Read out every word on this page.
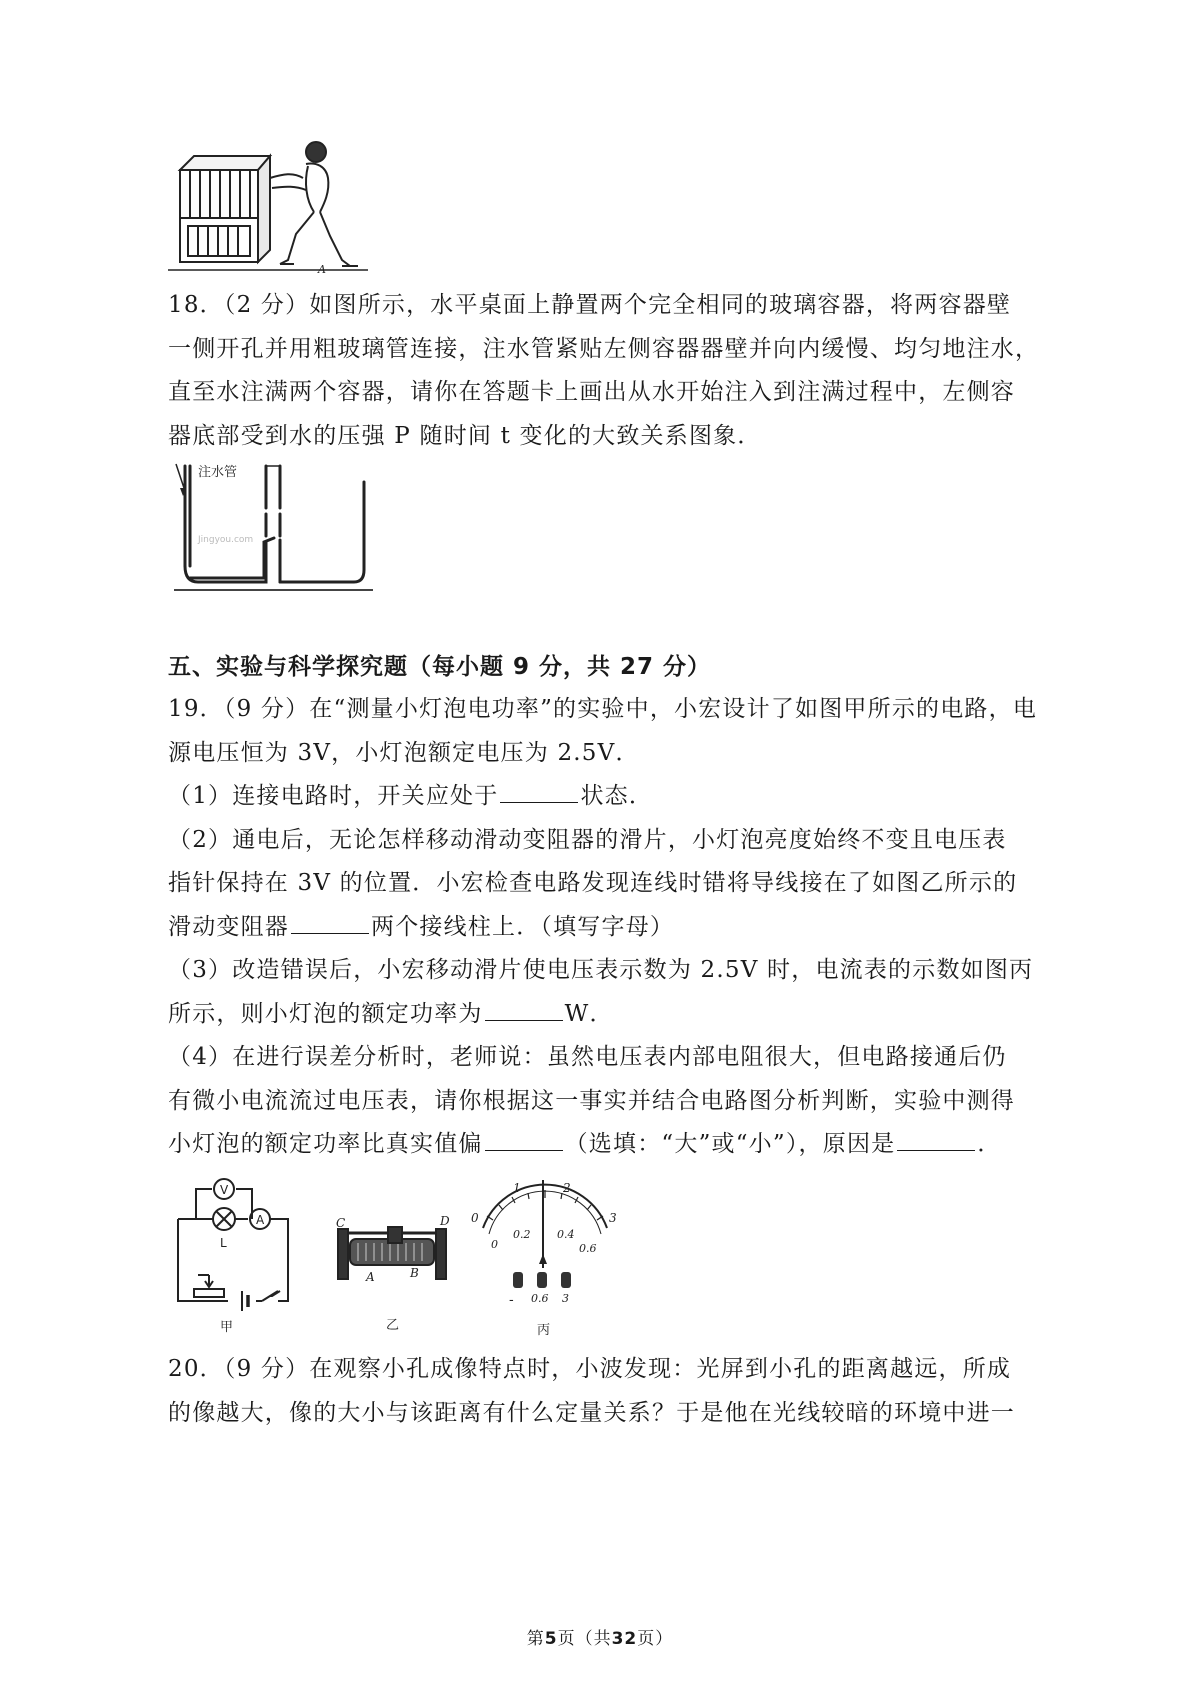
A
18．（2 分）如图所示，水平桌面上静置两个完全相同的玻璃容器，将两容器壁
一侧开孔并用粗玻璃管连接，注水管紧贴左侧容器器壁并向内缓慢、均匀地注水，
直至水注满两个容器，请你在答题卡上画出从水开始注入到注满过程中，左侧容
器底部受到水的压强 P 随时间 t 变化的大致关系图象．
注水管
Jingyou.com
五、实验与科学探究题（每小题 9 分，共 27 分）
19．（9 分）在“测量小灯泡电功率”的实验中，小宏设计了如图甲所示的电路，电
源电压恒为 3V，小灯泡额定电压为 2.5V．
（1）连接电路时，开关应处于	状态．
（2）通电后，无论怎样移动滑动变阻器的滑片，小灯泡亮度始终不变且电压表
指针保持在 3V 的位置．小宏检查电路发现连线时错将导线接在了如图乙所示的
滑动变阻器	两个接线柱上．（填写字母）
（3）改造错误后，小宏移动滑片使电压表示数为 2.5V 时，电流表的示数如图丙
所示，则小灯泡的额定功率为	W．
（4）在进行误差分析时，老师说：虽然电压表内部电阻很大，但电路接通后仍
有微小电流流过电压表，请你根据这一事实并结合电路图分析判断，实验中测得
小灯泡的额定功率比真实值偏	（选填：“大”或“小”），原因是	．
V
A
L
甲
C	D
A	B
乙
0
1	2
3
0
0.2 0.4
0.6
- 0.6 3
丙
20．（9 分）在观察小孔成像特点时，小波发现：光屏到小孔的距离越远，所成
的像越大，像的大小与该距离有什么定量关系？于是他在光线较暗的环境中进一
第5页（共32页）
